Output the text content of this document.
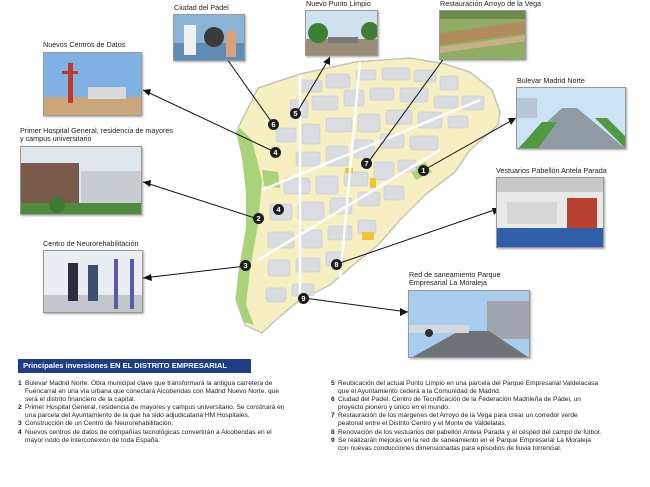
6
5
4
7
1
4
2
3	8
9
Ciudad del Pádel	Nuevo Punto Limpio	Restauración Arroyo de la Vega
Nuevos Centros de Datos
Bulevar Madrid Norte
Primer Hospital General, residencia de mayores
y campus universitario
Vestuarios Pabellón Antela Parada
Centro de Neurorehabilitación
Red de saneamiento Parque
Empresarial La Moraleja
Principales inversiones EN EL DISTRITO EMPRESARIAL

1 Bulevar Madrid Norte. Obra municipal clave que transformará la antigua carretera de
Fuencarral en una vía urbana que conectará Alcobendas con Madrid Nuevo Norte, que
será el distrito financiero de la capital.

2 Primer Hospital General, residencia de mayores y campus universitario. Se construirá en
una parcela del Ayuntamiento de la que ha sido adjudicataria HM Hospitales.

3 Construcción de un Centro de Neurorehabilitación.

4 Nuevos centros de datos de compañías tecnológicas convertirán a Alcobendas en el
mayor nodo de interconexión de toda España.

5 Reubicación del actual Punto Limpio en una parcela del Parque Empresarial Valdelacasa
que el Ayuntamiento cederá a la Comunidad de Madrid.

6 Ciudad del Pádel. Centro de Tecnificación de la Federación Madrileña de Pádel, un
proyecto pionero y único en el mundo.

7 Restauración de los márgenes del Arroyo de la Vega para crear un corredor verde
peatonal entre el Distrito Centro y el Monte de Valdelatas.

8 Renovación de los vestuarios del pabellón Antela Parada y el césped del campo de fútbol.

9 Se realizarán mejoras en la red de saneamiento en el Parque Empresarial La Moraleja
con nuevas conducciones dimensionadas para episodios de lluvia torrencial.
